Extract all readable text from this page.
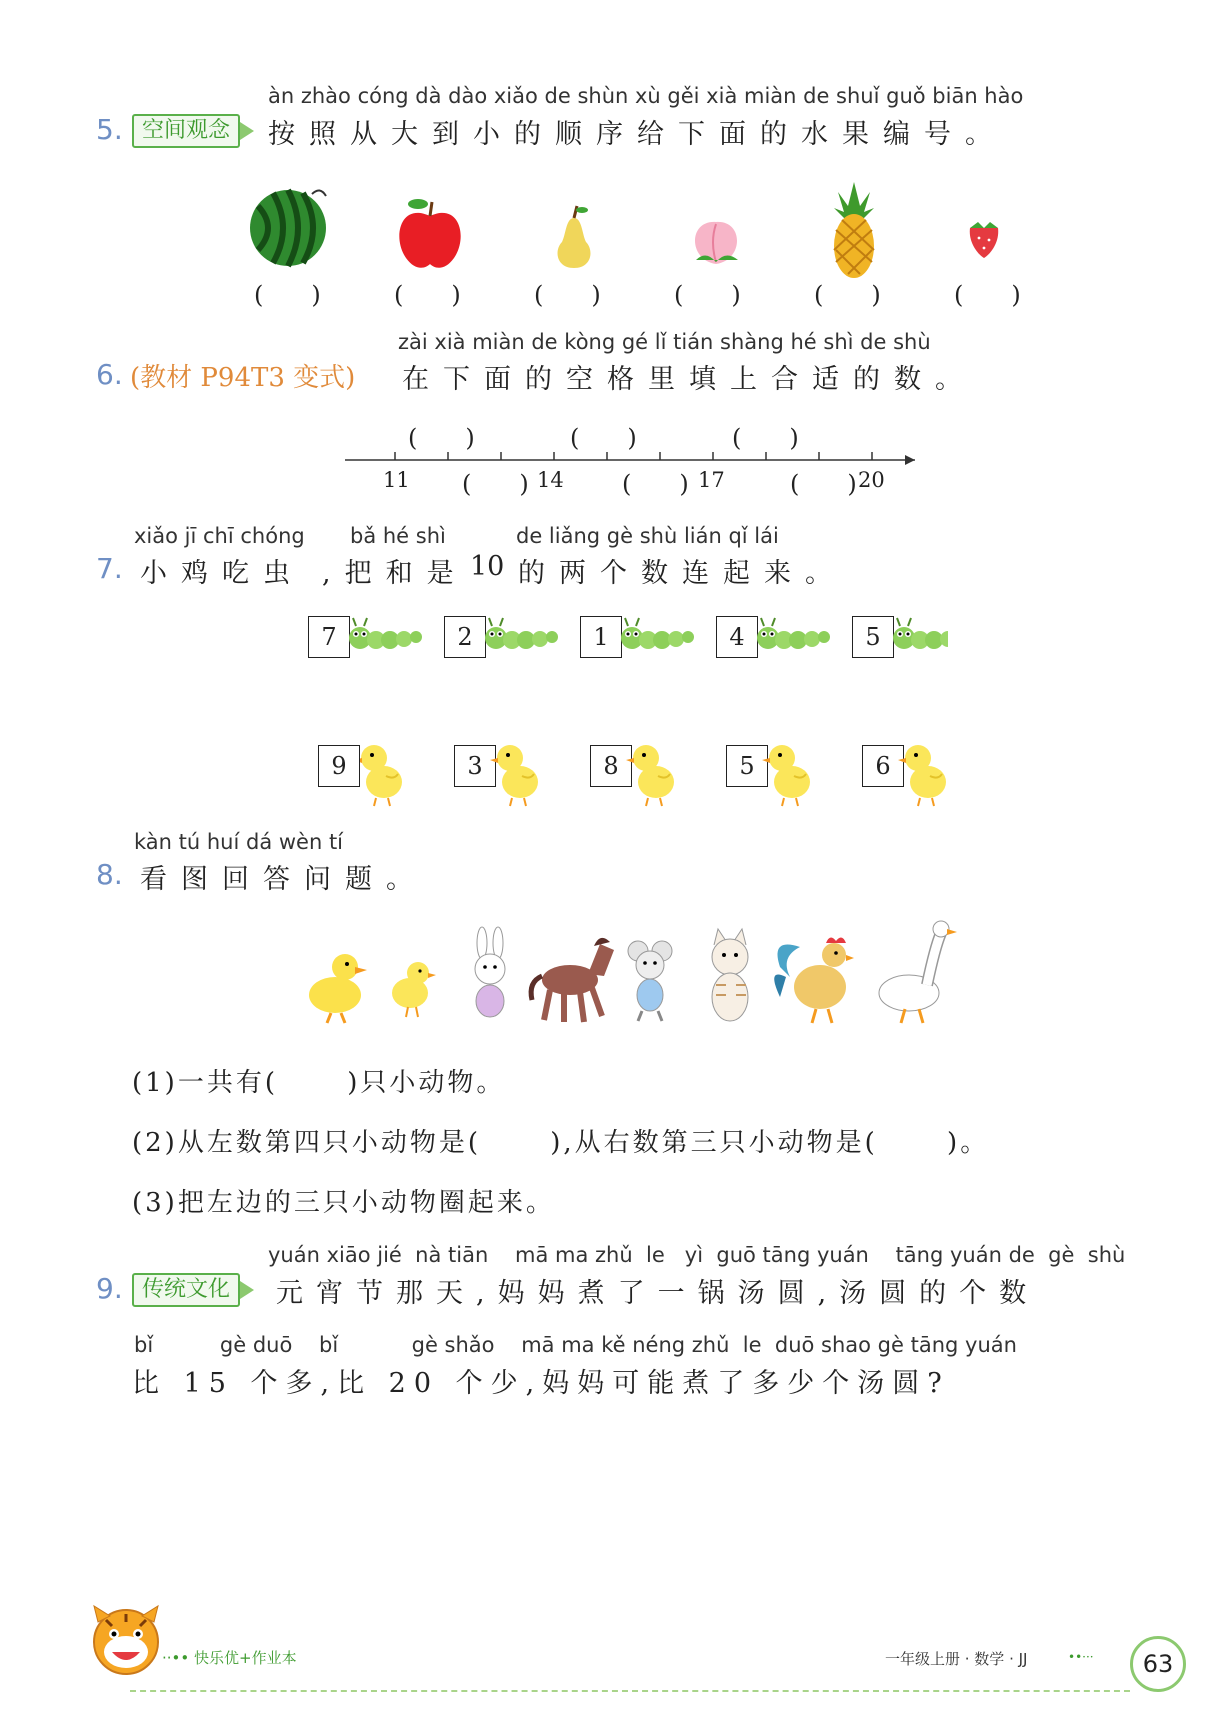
àn zhào cóng dà dào xiǎo de shùn xù gěi xià miàn de shuǐ guǒ biān hào
5. 空间观念	按照从大到小的顺序给下面的水果编号。
(　　)	(　　)	(　　)	(　　)	(　　)	(　　)
zài xià miàn de kòng gé lǐ tián shàng hé shì de shù
6. (教材 P94T3 变式) 在下面的空格里填上合适的数。
(　　)	(　　)	(　　)
11 (　　) 14 (　　) 17	(　　) 20
xiǎo jī chī chóng bǎ hé shì	de liǎng gè shù lián qǐ lái
7. 小鸡吃虫 ,把和是 10 的两个数连起来。
7	2	1	4	5
9	3	8	5	6
kàn tú huí dá wèn tí
8. 看图回答问题。
(1)一共有(　　 )只小动物。
(2)从左数第四只小动物是(　　 ),从右数第三只小动物是(　　 )。
(3)把左边的三只小动物圈起来。
yuán xiāo jié  nà tiān    mā ma zhǔ  le   yì  guō tāng yuán    tāng yuán de  gè  shù
9. 传统文化	元宵节那天,妈妈煮了一锅汤圆,汤圆的个数
bǐ          gè duō    bǐ           gè shǎo    mā ma kě néng zhǔ  le  duō shao gè tāng yuán
比 15 个多,比 20 个少,妈妈可能煮了多少个汤圆?
··•• 快乐优+作业本	一年级上册 · 数学 · JJ	••···	63
